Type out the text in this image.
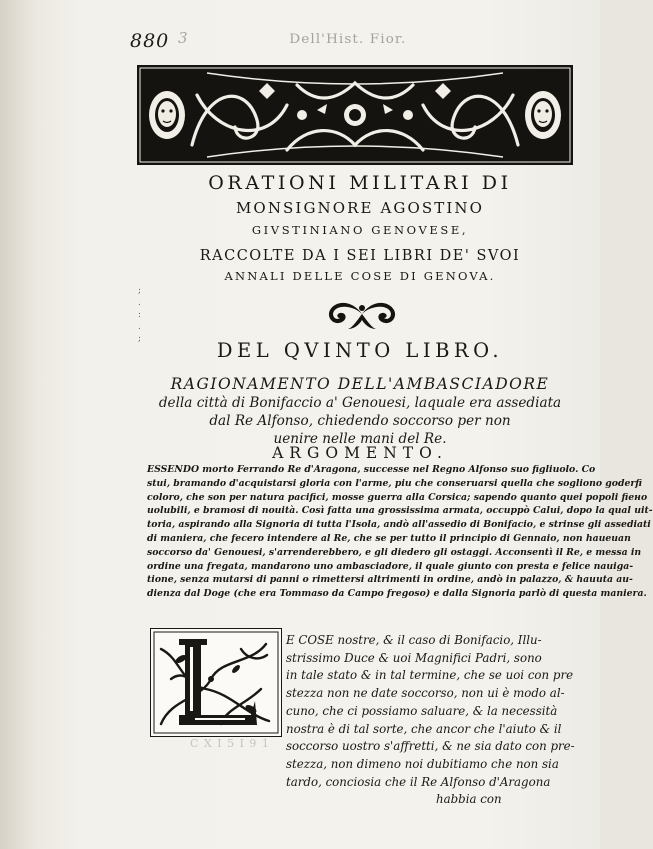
880 3	Dell'Hist. Fior.
ORATIONI MILITARI DI
MONSIGNORE AGOSTINO
GIVSTINIANO GENOVESE,
RACCOLTE DA I SEI LIBRI DE' SVOI
ANNALI DELLE COSE DI GENOVA.
;
.
:
.
;	DEL QVINTO LIBRO.
RAGIONAMENTO DELL'AMBASCIADORE
della città di Bonifaccio a' Genouesi, laquale era assediata
dal Re Alfonso, chiedendo soccorso per non
uenire nelle mani del Re.
ARGOMENTO.
ESSENDO morto Ferrando Re d'Aragona, successe nel Regno Alfonso suo figliuolo. Co
stui, bramando d'acquistarsi gloria con l'arme, piu che conseruarsi quella che sogliono goderfi
coloro, che son per natura pacifici, mosse guerra alla Corsica; sapendo quanto quei popoli fiено
uolubili, e bramosi di nouità. Così fatta una grossissima armata, occuppò Calui, dopo la qual uit-
toria, aspirando alla Signoria di tutta l'Isola, andò all'assedio di Bonifacio, e strinse gli assediati
di maniera, che fecero intendere al Re, che se per tutto il principio di Gennaio, non haueuan
soccorso da' Genouesi, s'arrenderebbero, e gli diedero gli ostaggi. Acconsentì il Re, e messa in
ordine una fregata, mandarono uno ambasciadore, il quale giunto con presta e felice nauiga-
tione, senza mutarsi di panni o rimettersi altrimenti in ordine, andò in palazzo, & hauuta au-
dienza dal Doge (che era Tommaso da Campo fregoso) e dalla Signoria parlò di questa maniera.
L
E COSE nostre, & il caso di Bonifacio, Illu-
strissimo Duce & uoi Magnifici Padri, sono
in tale stato & in tal termine, che se uoi con pre
stezza non ne date soccorso, non ui è modo al-
cuno, che ci possiamo saluare, & la necessità
nostra è di tal sorte, che ancor che l'aiuto & il
soccorso uostro s'affretti, & ne sia dato con pre-
stezza, non dimeno noi dubitiamo che non sia
tardo, conciosia che il Re Alfonso d'Aragona
habbia con
C X I 5 I 9 1
